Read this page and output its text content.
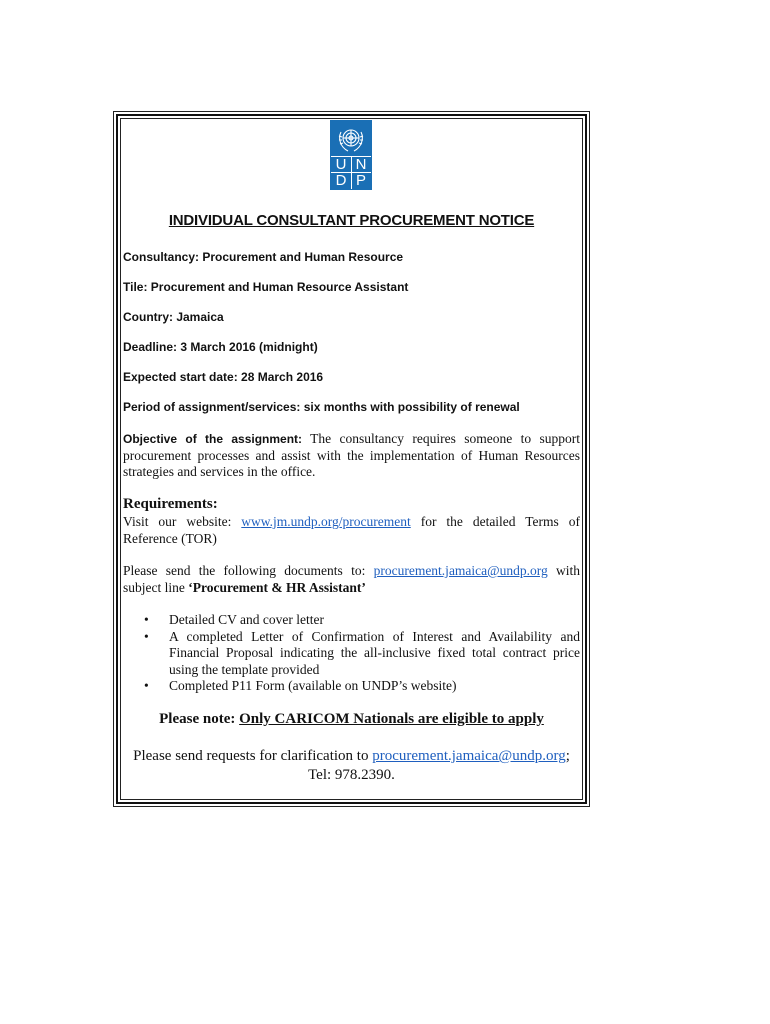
U N
D P
INDIVIDUAL CONSULTANT PROCUREMENT NOTICE
Consultancy: Procurement and Human Resource
Tile: Procurement and Human Resource Assistant
Country: Jamaica
Deadline: 3 March 2016 (midnight)
Expected start date: 28 March 2016
Period of assignment/services: six months with possibility of renewal
Objective of the assignment: The consultancy requires someone to support procurement processes and assist with the implementation of Human Resources strategies and services in the office.
Requirements:
Visit our website: www.jm.undp.org/procurement for the detailed Terms of Reference (TOR)
Please send the following documents to: procurement.jamaica@undp.org with subject line ‘Procurement & HR Assistant’
• Detailed CV and cover letter
• A completed Letter of Confirmation of Interest and Availability and Financial Proposal indicating the all-inclusive fixed total contract price using the template provided
• Completed P11 Form (available on UNDP’s website)
Please note: Only CARICOM Nationals are eligible to apply
Please send requests for clarification to procurement.jamaica@undp.org;
Tel: 978.2390.
